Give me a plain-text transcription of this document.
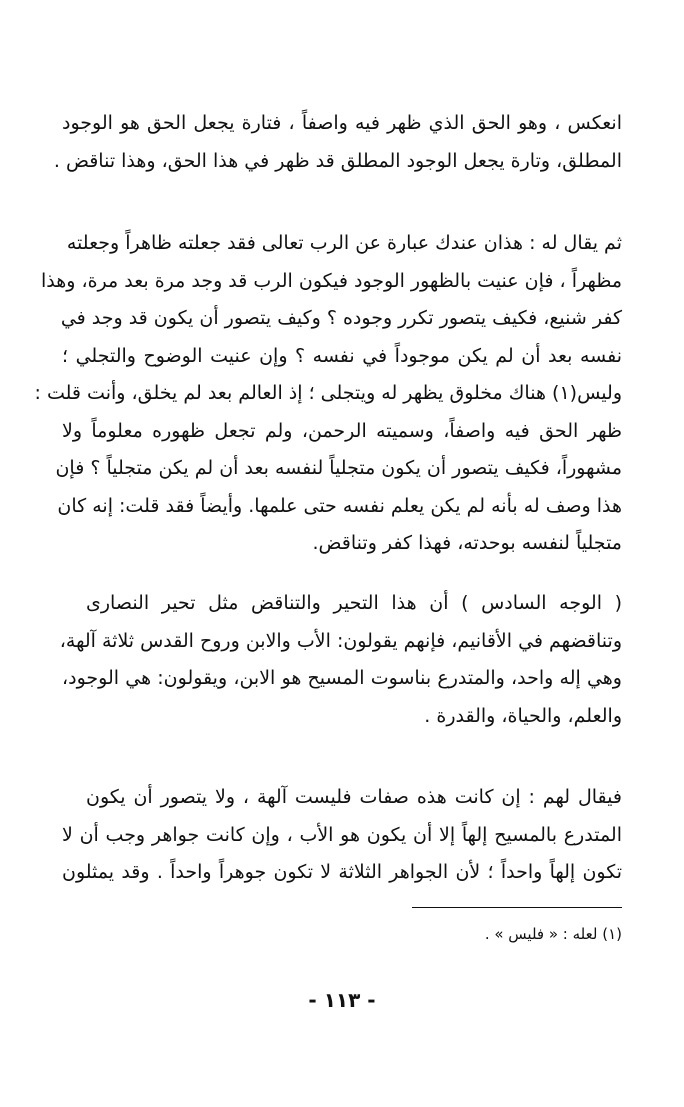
انعكس ، وهو الحق الذي ظهر فيه واصفاً ، فتارة يجعل الحق هو الوجود
المطلق، وتارة يجعل الوجود المطلق قد ظهر في هذا الحق، وهذا تناقض .
ثم يقال له : هذان عندك عبارة عن الرب تعالى فقد جعلته ظاهراً وجعلته
مظهراً ، فإن عنيت بالظهور الوجود فيكون الرب قد وجد مرة بعد مرة، وهذا
كفر شنيع، فكيف يتصور تكرر وجوده ؟ وكيف يتصور أن يكون قد وجد في
نفسه بعد أن لم يكن موجوداً في نفسه ؟ وإن عنيت الوضوح والتجلي ؛
وليس(١) هناك مخلوق يظهر له ويتجلى ؛ إذ العالم بعد لم يخلق، وأنت قلت :
ظهر الحق فيه واصفاً، وسميته الرحمن، ولم تجعل ظهوره معلوماً ولا
مشهوراً، فكيف يتصور أن يكون متجلياً لنفسه بعد أن لم يكن متجلياً ؟ فإن
هذا وصف له بأنه لم يكن يعلم نفسه حتى علمها. وأيضاً فقد قلت: إنه كان
متجلياً لنفسه بوحدته، فهذا كفر وتناقض.
( الوجه السادس ) أن هذا التحير والتناقض مثل تحير النصارى
وتناقضهم في الأقانيم، فإنهم يقولون: الأب والابن وروح القدس ثلاثة آلهة،
وهي إله واحد، والمتدرع بناسوت المسيح هو الابن، ويقولون: هي الوجود،
والعلم، والحياة، والقدرة .
فيقال لهم : إن كانت هذه صفات فليست آلهة ، ولا يتصور أن يكون
المتدرع بالمسيح إلهاً إلا أن يكون هو الأب ، وإن كانت جواهر وجب أن لا
تكون إلهاً واحداً ؛ لأن الجواهر الثلاثة لا تكون جوهراً واحداً . وقد يمثلون
(١) لعله : « فليس » .
- ١١٣ -
